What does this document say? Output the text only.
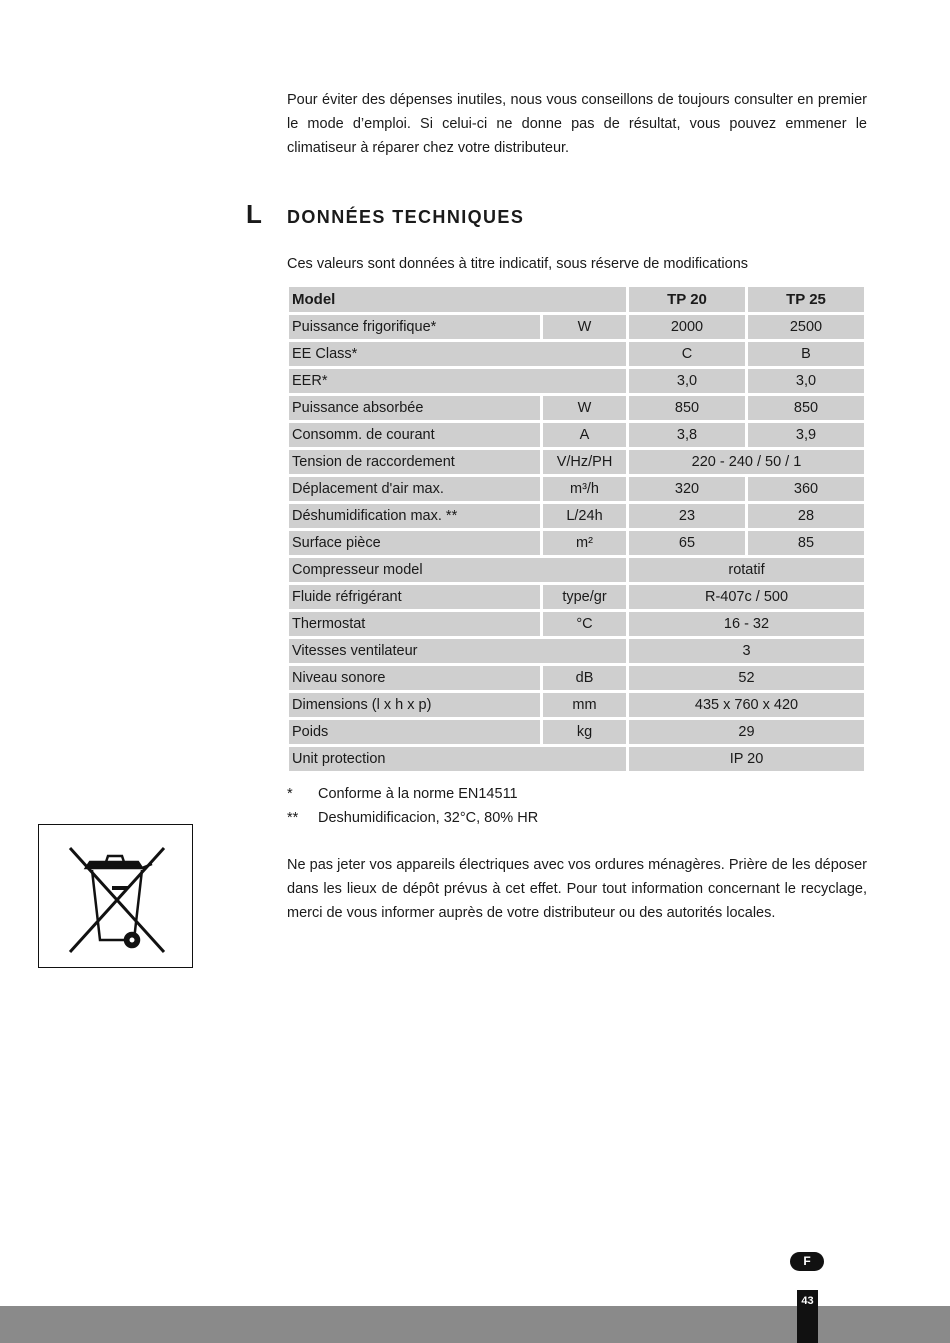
Pour éviter des dépenses inutiles, nous vous conseillons de toujours consulter en premier le mode d’emploi. Si celui-ci ne donne pas de résultat, vous pouvez emmener le climatiseur à réparer chez votre distributeur.

L DONNÉES TECHNIQUES

Ces valeurs sont données à titre indicatif, sous réserve de modifications

Model		TP 20	TP 25
Puissance frigorifique*	W	2000	2500
EE Class*		C	B
EER*		3,0	3,0
Puissance absorbée	W	850	850
Consomm. de courant	A	3,8	3,9
Tension de raccordement	V/Hz/PH	220 - 240 / 50 / 1	
Déplacement d'air max.	m³/h	320	360
Déshumidification max. **	L/24h	23	28
Surface pièce	m²	65	85
Compresseur model		rotatif	
Fluide réfrigérant	type/gr	R-407c / 500	
Thermostat	°C	16 - 32	
Vitesses ventilateur		3	
Niveau sonore	dB	52	
Dimensions (l x h x p)	mm	435 x 760 x 420	
Poids	kg	29	
Unit protection		IP 20	
*	Conforme à la norme EN14511
**	Deshumidificacion, 32°C, 80% HR

Ne pas jeter vos appareils électriques avec vos ordures ménagères. Prière de les déposer dans les lieux de dépôt prévus à cet effet. Pour tout information concernant le recyclage, merci de vous informer auprès de votre distributeur ou des autorités locales.

F
43
